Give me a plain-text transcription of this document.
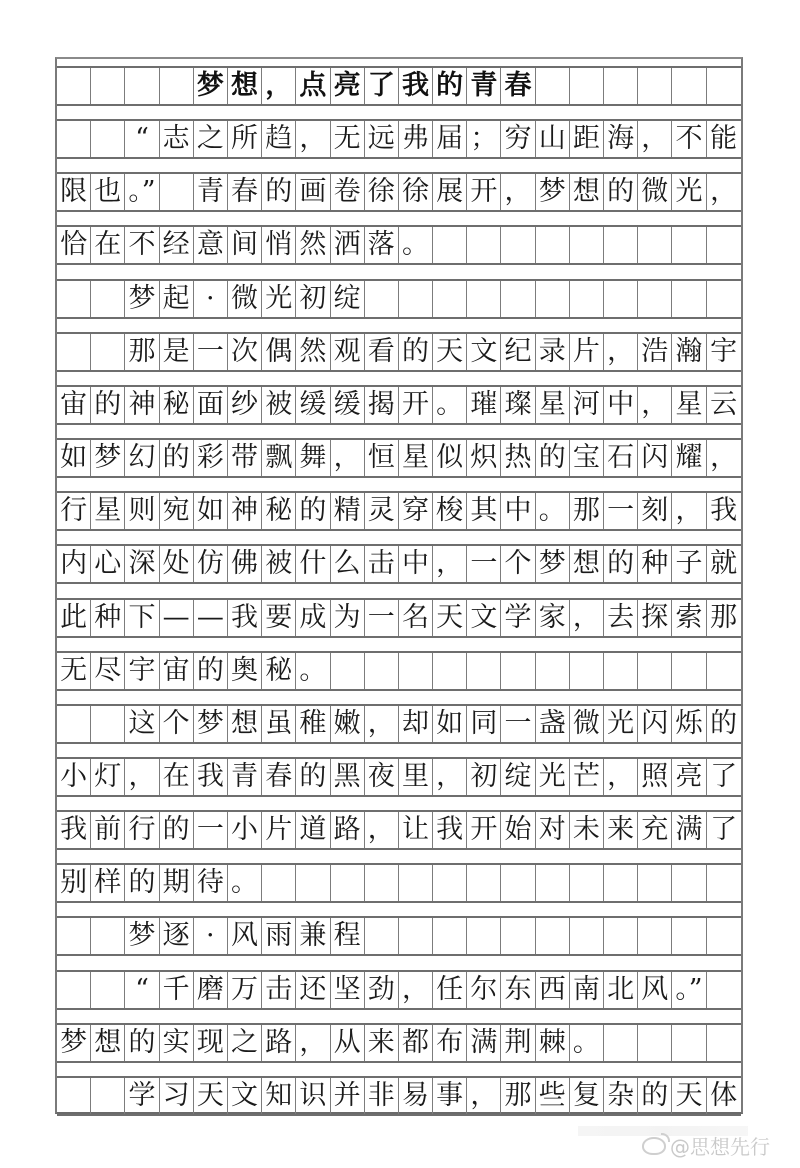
梦 想 ， 点 亮 了 我 的 青 春
“ 志 之 所 趋 ， 无 远 弗 届 ； 穷 山 距 海 ， 不 能
限 也 。” 青 春 的 画 卷 徐 徐 展 开 ， 梦 想 的 微 光 ，
恰 在 不 经 意 间 悄 然 洒 落 。
梦 起 · 微 光 初 绽
那 是 一 次 偶 然 观 看 的 天 文 纪 录 片 ， 浩 瀚 宇
宙 的 神 秘 面 纱 被 缓 缓 揭 开 。 璀 璨 星 河 中 ， 星 云
如 梦 幻 的 彩 带 飘 舞 ， 恒 星 似 炽 热 的 宝 石 闪 耀 ，
行 星 则 宛 如 神 秘 的 精 灵 穿 梭 其 中 。 那 一 刻 ， 我
内 心 深 处 仿 佛 被 什 么 击 中 ， 一 个 梦 想 的 种 子 就
此 种 下 — — 我 要 成 为 一 名 天 文 学 家 ， 去 探 索 那
无 尽 宇 宙 的 奥 秘 。
这 个 梦 想 虽 稚 嫩 ， 却 如 同 一 盏 微 光 闪 烁 的
小 灯 ， 在 我 青 春 的 黑 夜 里 ， 初 绽 光 芒 ， 照 亮 了
我 前 行 的 一 小 片 道 路 ， 让 我 开 始 对 未 来 充 满 了
别 样 的 期 待 。
梦 逐 · 风 雨 兼 程
“ 千 磨 万 击 还 坚 劲 ， 任 尔 东 西 南 北 风 。”
梦 想 的 实 现 之 路 ， 从 来 都 布 满 荆 棘 。
学 习 天 文 知 识 并 非 易 事 ， 那 些 复 杂 的 天 体
@思想先行
